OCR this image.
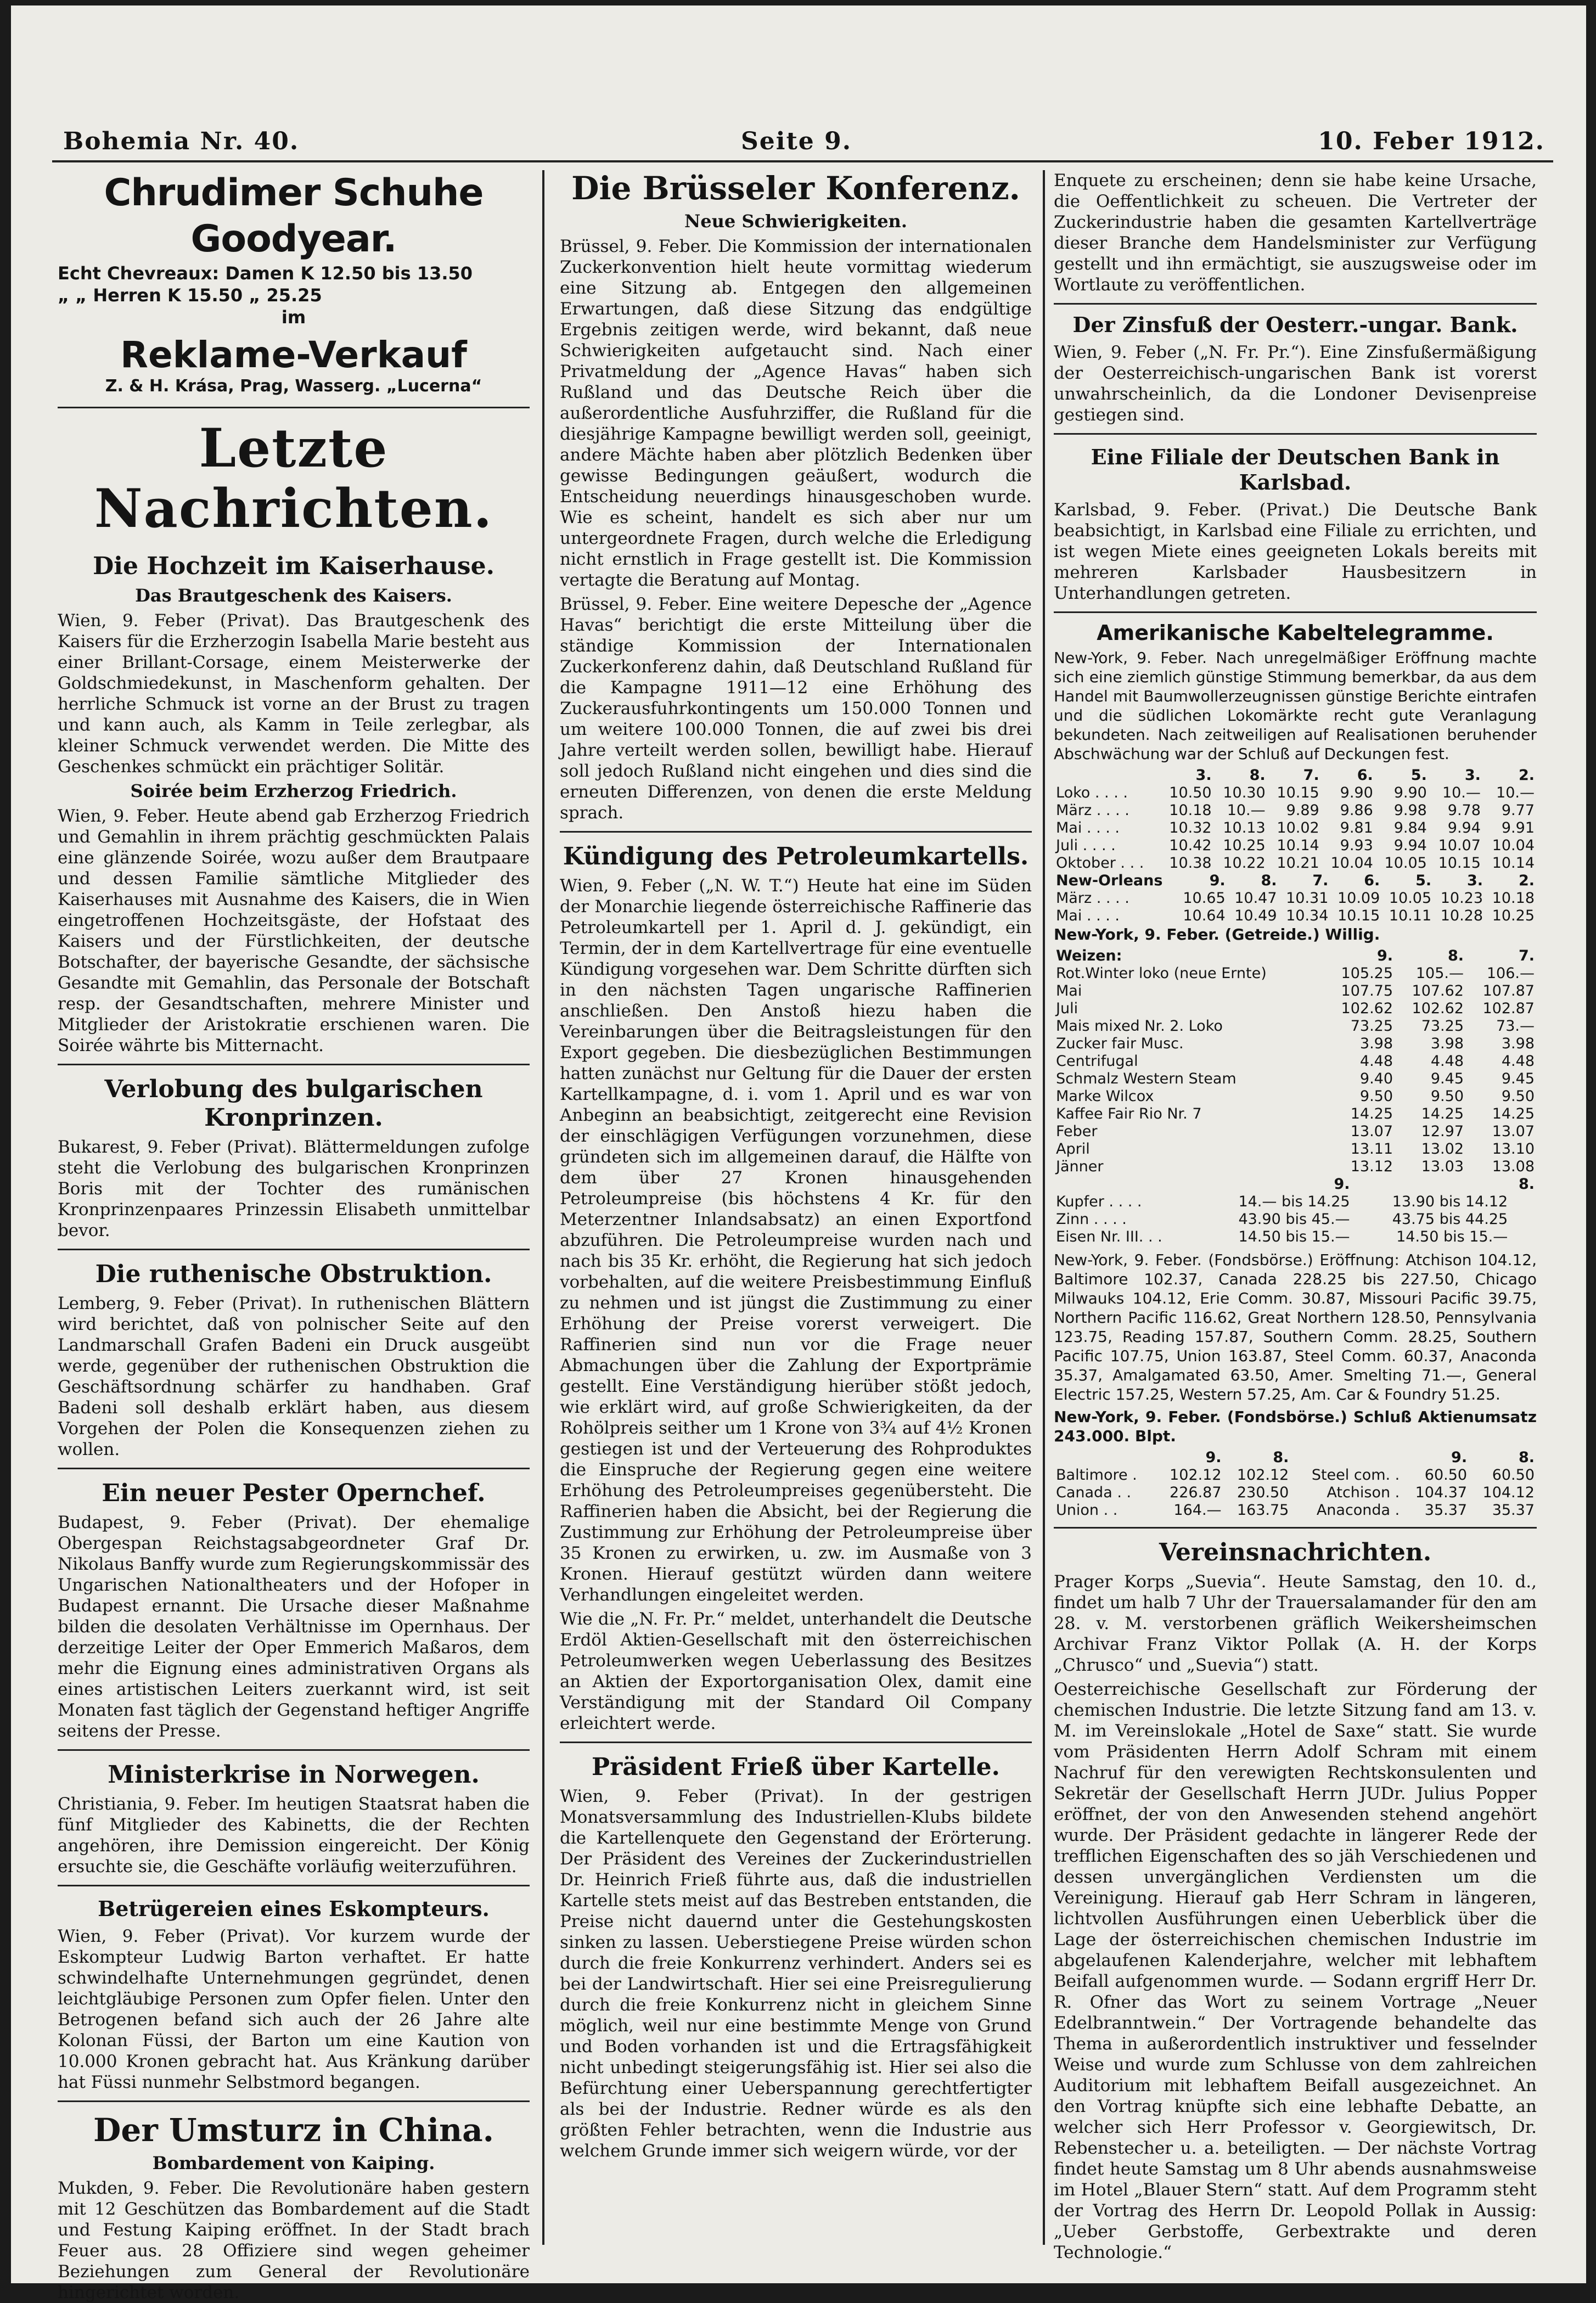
Bohemia Nr. 40.	Seite 9.	10. Feber 1912.
Chrudimer Schuhe Goodyear.
Echt Chevreaux: Damen K 12.50 bis 13.50
„ „ Herren K 15.50 „ 25.25
im
Reklame-Verkauf
Z. & H. Krása, Prag, Wasserg. „Lucerna“
Letzte Nachrichten.
Die Hochzeit im Kaiserhause.
Das Brautgeschenk des Kaisers.

Wien, 9. Feber (Privat). Das Brautgeschenk des Kaisers für die Erzherzogin Isabella Marie besteht aus einer Brillant-Corsage, einem Meisterwerke der Goldschmiedekunst, in Maschenform gehalten. Der herrliche Schmuck ist vorne an der Brust zu tragen und kann auch, als Kamm in Teile zerlegbar, als kleiner Schmuck verwendet werden. Die Mitte des Geschenkes schmückt ein prächtiger Solitär.

Soirée beim Erzherzog Friedrich.

Wien, 9. Feber. Heute abend gab Erzherzog Friedrich und Gemahlin in ihrem prächtig geschmückten Palais eine glänzende Soirée, wozu außer dem Brautpaare und dessen Familie sämtliche Mitglieder des Kaiserhauses mit Ausnahme des Kaisers, die in Wien eingetroffenen Hochzeitsgäste, der Hofstaat des Kaisers und der Fürstlichkeiten, der deutsche Botschafter, der bayerische Gesandte, der sächsische Gesandte mit Gemahlin, das Personale der Botschaft resp. der Gesandtschaften, mehrere Minister und Mitglieder der Aristokratie erschienen waren. Die Soirée währte bis Mitternacht.

Verlobung des bulgarischen Kronprinzen.

Bukarest, 9. Feber (Privat). Blättermeldungen zufolge steht die Verlobung des bulgarischen Kronprinzen Boris mit der Tochter des rumänischen Kronprinzenpaares Prinzessin Elisabeth unmittelbar bevor.

Die ruthenische Obstruktion.

Lemberg, 9. Feber (Privat). In ruthenischen Blättern wird berichtet, daß von polnischer Seite auf den Landmarschall Grafen Badeni ein Druck ausgeübt werde, gegenüber der ruthenischen Obstruktion die Geschäftsordnung schärfer zu handhaben. Graf Badeni soll deshalb erklärt haben, aus diesem Vorgehen der Polen die Konsequenzen ziehen zu wollen.

Ein neuer Pester Opernchef.

Budapest, 9. Feber (Privat). Der ehemalige Obergespan Reichstagsabgeordneter Graf Dr. Nikolaus Banffy wurde zum Regierungskommissär des Ungarischen Nationaltheaters und der Hofoper in Budapest ernannt. Die Ursache dieser Maßnahme bilden die desolaten Verhältnisse im Opernhaus. Der derzeitige Leiter der Oper Emmerich Maßaros, dem mehr die Eignung eines administrativen Organs als eines artistischen Leiters zuerkannt wird, ist seit Monaten fast täglich der Gegenstand heftiger Angriffe seitens der Presse.

Ministerkrise in Norwegen.

Christiania, 9. Feber. Im heutigen Staatsrat haben die fünf Mitglieder des Kabinetts, die der Rechten angehören, ihre Demission eingereicht. Der König ersuchte sie, die Geschäfte vorläufig weiterzuführen.

Betrügereien eines Eskompteurs.

Wien, 9. Feber (Privat). Vor kurzem wurde der Eskompteur Ludwig Barton verhaftet. Er hatte schwindelhafte Unternehmungen gegründet, denen leichtgläubige Personen zum Opfer fielen. Unter den Betrogenen befand sich auch der 26 Jahre alte Kolonan Füssi, der Barton um eine Kaution von 10.000 Kronen gebracht hat. Aus Kränkung darüber hat Füssi nunmehr Selbstmord begangen.

Der Umsturz in China.
Bombardement von Kaiping.

Mukden, 9. Feber. Die Revolutionäre haben gestern mit 12 Geschützen das Bombardement auf die Stadt und Festung Kaiping eröffnet. In der Stadt brach Feuer aus. 28 Offiziere sind wegen geheimer Beziehungen zum General der Revolutionäre hingerichtet worden.

Die Brüsseler Konferenz.
Neue Schwierigkeiten.

Brüssel, 9. Feber. Die Kommission der internationalen Zuckerkonvention hielt heute vormittag wiederum eine Sitzung ab. Entgegen den allgemeinen Erwartungen, daß diese Sitzung das endgültige Ergebnis zeitigen werde, wird bekannt, daß neue Schwierigkeiten aufgetaucht sind. Nach einer Privatmeldung der „Agence Havas“ haben sich Rußland und das Deutsche Reich über die außerordentliche Ausfuhrziffer, die Rußland für die diesjährige Kampagne bewilligt werden soll, geeinigt, andere Mächte haben aber plötzlich Bedenken über gewisse Bedingungen geäußert, wodurch die Entscheidung neuerdings hinausgeschoben wurde. Wie es scheint, handelt es sich aber nur um untergeordnete Fragen, durch welche die Erledigung nicht ernstlich in Frage gestellt ist. Die Kommission vertagte die Beratung auf Montag.

Brüssel, 9. Feber. Eine weitere Depesche der „Agence Havas“ berichtigt die erste Mitteilung über die ständige Kommission der Internationalen Zuckerkonferenz dahin, daß Deutschland Rußland für die Kampagne 1911—12 eine Erhöhung des Zuckerausfuhrkontingents um 150.000 Tonnen und um weitere 100.000 Tonnen, die auf zwei bis drei Jahre verteilt werden sollen, bewilligt habe. Hierauf soll jedoch Rußland nicht eingehen und dies sind die erneuten Differenzen, von denen die erste Meldung sprach.

Kündigung des Petroleumkartells.

Wien, 9. Feber („N. W. T.“) Heute hat eine im Süden der Monarchie liegende österreichische Raffinerie das Petroleumkartell per 1. April d. J. gekündigt, ein Termin, der in dem Kartellvertrage für eine eventuelle Kündigung vorgesehen war. Dem Schritte dürften sich in den nächsten Tagen ungarische Raffinerien anschließen. Den Anstoß hiezu haben die Vereinbarungen über die Beitragsleistungen für den Export gegeben. Die diesbezüglichen Bestimmungen hatten zunächst nur Geltung für die Dauer der ersten Kartellkampagne, d. i. vom 1. April und es war von Anbeginn an beabsichtigt, zeitgerecht eine Revision der einschlägigen Verfügungen vorzunehmen, diese gründeten sich im allgemeinen darauf, die Hälfte von dem über 27 Kronen hinausgehenden Petroleumpreise (bis höchstens 4 Kr. für den Meterzentner Inlandsabsatz) an einen Exportfond abzuführen. Die Petroleumpreise wurden nach und nach bis 35 Kr. erhöht, die Regierung hat sich jedoch vorbehalten, auf die weitere Preisbestimmung Einfluß zu nehmen und ist jüngst die Zustimmung zu einer Erhöhung der Preise vorerst verweigert. Die Raffinerien sind nun vor die Frage neuer Abmachungen über die Zahlung der Exportprämie gestellt. Eine Verständigung hierüber stößt jedoch, wie erklärt wird, auf große Schwierigkeiten, da der Rohölpreis seither um 1 Krone von 3¾ auf 4½ Kronen gestiegen ist und der Verteuerung des Rohproduktes die Einspruche der Regierung gegen eine weitere Erhöhung des Petroleumpreises gegenübersteht. Die Raffinerien haben die Absicht, bei der Regierung die Zustimmung zur Erhöhung der Petroleumpreise über 35 Kronen zu erwirken, u. zw. im Ausmaße von 3 Kronen. Hierauf gestützt würden dann weitere Verhandlungen eingeleitet werden.

Wie die „N. Fr. Pr.“ meldet, unterhandelt die Deutsche Erdöl Aktien-Gesellschaft mit den österreichischen Petroleumwerken wegen Ueberlassung des Besitzes an Aktien der Exportorganisation Olex, damit eine Verständigung mit der Standard Oil Company erleichtert werde.

Präsident Frieß über Kartelle.

Wien, 9. Feber (Privat). In der gestrigen Monatsversammlung des Industriellen-Klubs bildete die Kartellenquete den Gegenstand der Erörterung. Der Präsident des Vereines der Zuckerindustriellen Dr. Heinrich Frieß führte aus, daß die industriellen Kartelle stets meist auf das Bestreben entstanden, die Preise nicht dauernd unter die Gestehungskosten sinken zu lassen. Ueberstiegene Preise würden schon durch die freie Konkurrenz verhindert. Anders sei es bei der Landwirtschaft. Hier sei eine Preisregulierung durch die freie Konkurrenz nicht in gleichem Sinne möglich, weil nur eine bestimmte Menge von Grund und Boden vorhanden ist und die Ertragsfähigkeit nicht unbedingt steigerungsfähig ist. Hier sei also die Befürchtung einer Ueberspannung gerechtfertigter als bei der Industrie. Redner würde es als den größten Fehler betrachten, wenn die Industrie aus welchem Grunde immer sich weigern würde, vor der

Enquete zu erscheinen; denn sie habe keine Ursache, die Oeffentlichkeit zu scheuen. Die Vertreter der Zuckerindustrie haben die gesamten Kartellverträge dieser Branche dem Handelsminister zur Verfügung gestellt und ihn ermächtigt, sie auszugsweise oder im Wortlaute zu veröffentlichen.

Der Zinsfuß der Oesterr.-ungar. Bank.

Wien, 9. Feber („N. Fr. Pr.“). Eine Zinsfußermäßigung der Oesterreichisch-ungarischen Bank ist vorerst unwahrscheinlich, da die Londoner Devisenpreise gestiegen sind.

Eine Filiale der Deutschen Bank in Karlsbad.

Karlsbad, 9. Feber. (Privat.) Die Deutsche Bank beabsichtigt, in Karlsbad eine Filiale zu errichten, und ist wegen Miete eines geeigneten Lokals bereits mit mehreren Karlsbader Hausbesitzern in Unterhandlungen getreten.

Amerikanische Kabeltelegramme.

New-York, 9. Feber. Nach unregelmäßiger Eröffnung machte sich eine ziemlich günstige Stimmung bemerkbar, da aus dem Handel mit Baumwollerzeugnissen günstige Berichte eintrafen und die südlichen Lokomärkte recht gute Veranlagung bekundeten. Nach zeitweiligen auf Realisationen beruhender Abschwächung war der Schluß auf Deckungen fest.

	3.	8.	7.	6.	5.	3.	2.
Loko . . . .	10.50	10.30	10.15	9.90	9.90	10.—	10.—
März . . . .	10.18	10.—	9.89	9.86	9.98	9.78	9.77
Mai . . . .	10.32	10.13	10.02	9.81	9.84	9.94	9.91
Juli . . . .	10.42	10.25	10.14	9.93	9.94	10.07	10.04
Oktober . . .	10.38	10.22	10.21	10.04	10.05	10.15	10.14
New-Orleans	9.	8.	7.	6.	5.	3.	2.
März . . . .	10.65	10.47	10.31	10.09	10.05	10.23	10.18
Mai . . . .	10.64	10.49	10.34	10.15	10.11	10.28	10.25

New-York, 9. Feber. (Getreide.) Willig.

Weizen:	9.	8.	7.
Rot.Winter loko (neue Ernte)	105.25	105.—	106.—
Mai	107.75	107.62	107.87
Juli	102.62	102.62	102.87
Mais mixed Nr. 2. Loko	73.25	73.25	73.—
Zucker fair Musc.	3.98	3.98	3.98
Centrifugal	4.48	4.48	4.48
Schmalz Western Steam	9.40	9.45	9.45
Marke Wilcox	9.50	9.50	9.50
Kaffee Fair Rio Nr. 7	14.25	14.25	14.25
Feber	13.07	12.97	13.07
April	13.11	13.02	13.10
Jänner	13.12	13.03	13.08
	9.		8.
Kupfer . . . .	14.— bis 14.25	13.90 bis 14.12	
Zinn . . . .	43.90 bis 45.—	43.75 bis 44.25	
Eisen Nr. III. . .	14.50 bis 15.—	14.50 bis 15.—	

New-York, 9. Feber. (Fondsbörse.) Eröffnung: Atchison 104.12, Baltimore 102.37, Canada 228.25 bis 227.50, Chicago Milwauks 104.12, Erie Comm. 30.87, Missouri Pacific 39.75, Northern Pacific 116.62, Great Northern 128.50, Pennsylvania 123.75, Reading 157.87, Southern Comm. 28.25, Southern Pacific 107.75, Union 163.87, Steel Comm. 60.37, Anaconda 35.37, Amalgamated 63.50, Amer. Smelting 71.—, General Electric 157.25, Western 57.25, Am. Car & Foundry 51.25.

New-York, 9. Feber. (Fondsbörse.) Schluß Aktienumsatz 243.000. Blpt.

	9.	8.		9.	8.
Baltimore .	102.12	102.12	Steel com. .	60.50	60.50
Canada . .	226.87	230.50	Atchison .	104.37	104.12
Union . .	164.—	163.75	Anaconda .	35.37	35.37
Vereinsnachrichten.

Prager Korps „Suevia“. Heute Samstag, den 10. d., findet um halb 7 Uhr der Trauersalamander für den am 28. v. M. verstorbenen gräflich Weikersheimschen Archivar Franz Viktor Pollak (A. H. der Korps „Chrusco“ und „Suevia“) statt.

Oesterreichische Gesellschaft zur Förderung der chemischen Industrie. Die letzte Sitzung fand am 13. v. M. im Vereinslokale „Hotel de Saxe“ statt. Sie wurde vom Präsidenten Herrn Adolf Schram mit einem Nachruf für den verewigten Rechtskonsulenten und Sekretär der Gesellschaft Herrn JUDr. Julius Popper eröffnet, der von den Anwesenden stehend angehört wurde. Der Präsident gedachte in längerer Rede der trefflichen Eigenschaften des so jäh Verschiedenen und dessen unvergänglichen Verdiensten um die Vereinigung. Hierauf gab Herr Schram in längeren, lichtvollen Ausführungen einen Ueberblick über die Lage der österreichischen chemischen Industrie im abgelaufenen Kalenderjahre, welcher mit lebhaftem Beifall aufgenommen wurde. — Sodann ergriff Herr Dr. R. Ofner das Wort zu seinem Vortrage „Neuer Edelbranntwein.“ Der Vortragende behandelte das Thema in außerordentlich instruktiver und fesselnder Weise und wurde zum Schlusse von dem zahlreichen Auditorium mit lebhaftem Beifall ausgezeichnet. An den Vortrag knüpfte sich eine lebhafte Debatte, an welcher sich Herr Professor v. Georgiewitsch, Dr. Rebenstecher u. a. beteiligten. — Der nächste Vortrag findet heute Samstag um 8 Uhr abends ausnahmsweise im Hotel „Blauer Stern“ statt. Auf dem Programm steht der Vortrag des Herrn Dr. Leopold Pollak in Aussig: „Ueber Gerbstoffe, Gerbextrakte und deren Technologie.“
